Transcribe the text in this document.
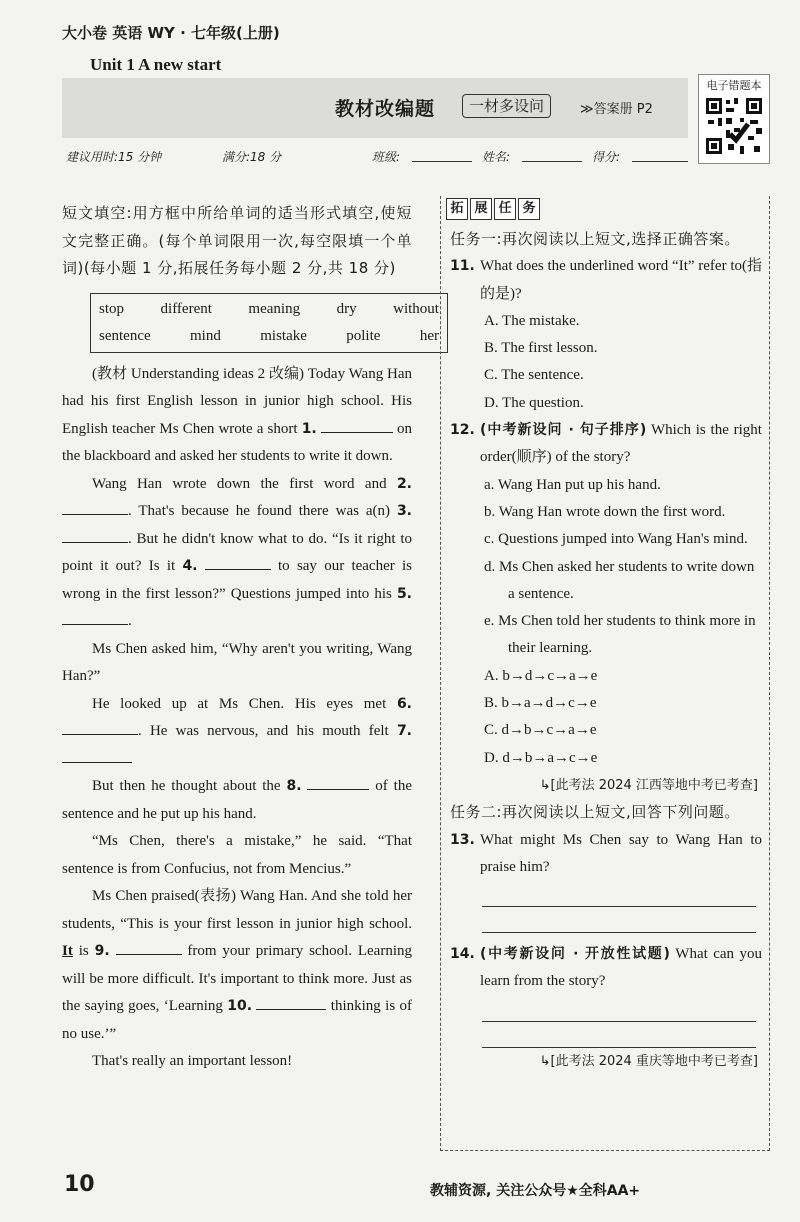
大小卷 英语 WY · 七年级(上册)
Unit 1 A new start
教材改编题	一材多设问	≫答案册 P2
电子错题本
建议用时:15 分钟	满分:18 分	班级:	姓名:	得分:
短文填空:用方框中所给单词的适当形式填空,使短文完整正确。(每个单词限用一次,每空限填一个单词)(每小题 1 分,拓展任务每小题 2 分,共 18 分)
stop different meaning dry without
sentence	mind	mistake	polite	her
(教材 Understanding ideas 2 改编) Today Wang Han had his first English lesson in junior high school. His English teacher Ms Chen wrote a short 1.	on the blackboard and asked her students to write it down.
Wang Han wrote down the first word and 2. . That's because he found there was a(n) 3. . But he didn't know what to do. “Is it right to point it out? Is it 4.	to say our teacher is wrong in the first lesson?” Questions jumped into his 5. .
Ms Chen asked him, “Why aren't you writing, Wang Han?”
He looked up at Ms Chen. His eyes met 6. . He was nervous, and his mouth felt 7.
But then he thought about the 8.	of the sentence and he put up his hand.
“Ms Chen, there's a mistake,” he said. “That sentence is from Confucius, not from Mencius.”
Ms Chen praised(表扬) Wang Han. And she told her students, “This is your first lesson in junior high school. It is 9.	from your primary school. Learning will be more difficult. It's important to think more. Just as the saying goes, ‘Learning 10.	thinking is of no use.’”
That's really an important lesson!
拓 展 任 务
任务一:再次阅读以上短文,选择正确答案。
11. What does the underlined word “It” refer to(指的是)?
A. The mistake.
B. The first lesson.
C. The sentence.
D. The question.
12. (中考新设问 · 句子排序) Which is the right order(顺序) of the story?
a. Wang Han put up his hand.
b. Wang Han wrote down the first word.
c. Questions jumped into Wang Han's mind.
d. Ms Chen asked her students to write down a sentence.
e. Ms Chen told her students to think more in their learning.
A. b→d→c→a→e
B. b→a→d→c→e
C. d→b→c→a→e
D. d→b→a→c→e
↳[此考法 2024 江西等地中考已考查]
任务二:再次阅读以上短文,回答下列问题。
13. What might Ms Chen say to Wang Han to praise him?
14. (中考新设问 · 开放性试题) What can you learn from the story?
↳[此考法 2024 重庆等地中考已考查]
10	教辅资源, 关注公众号★全科AA+
